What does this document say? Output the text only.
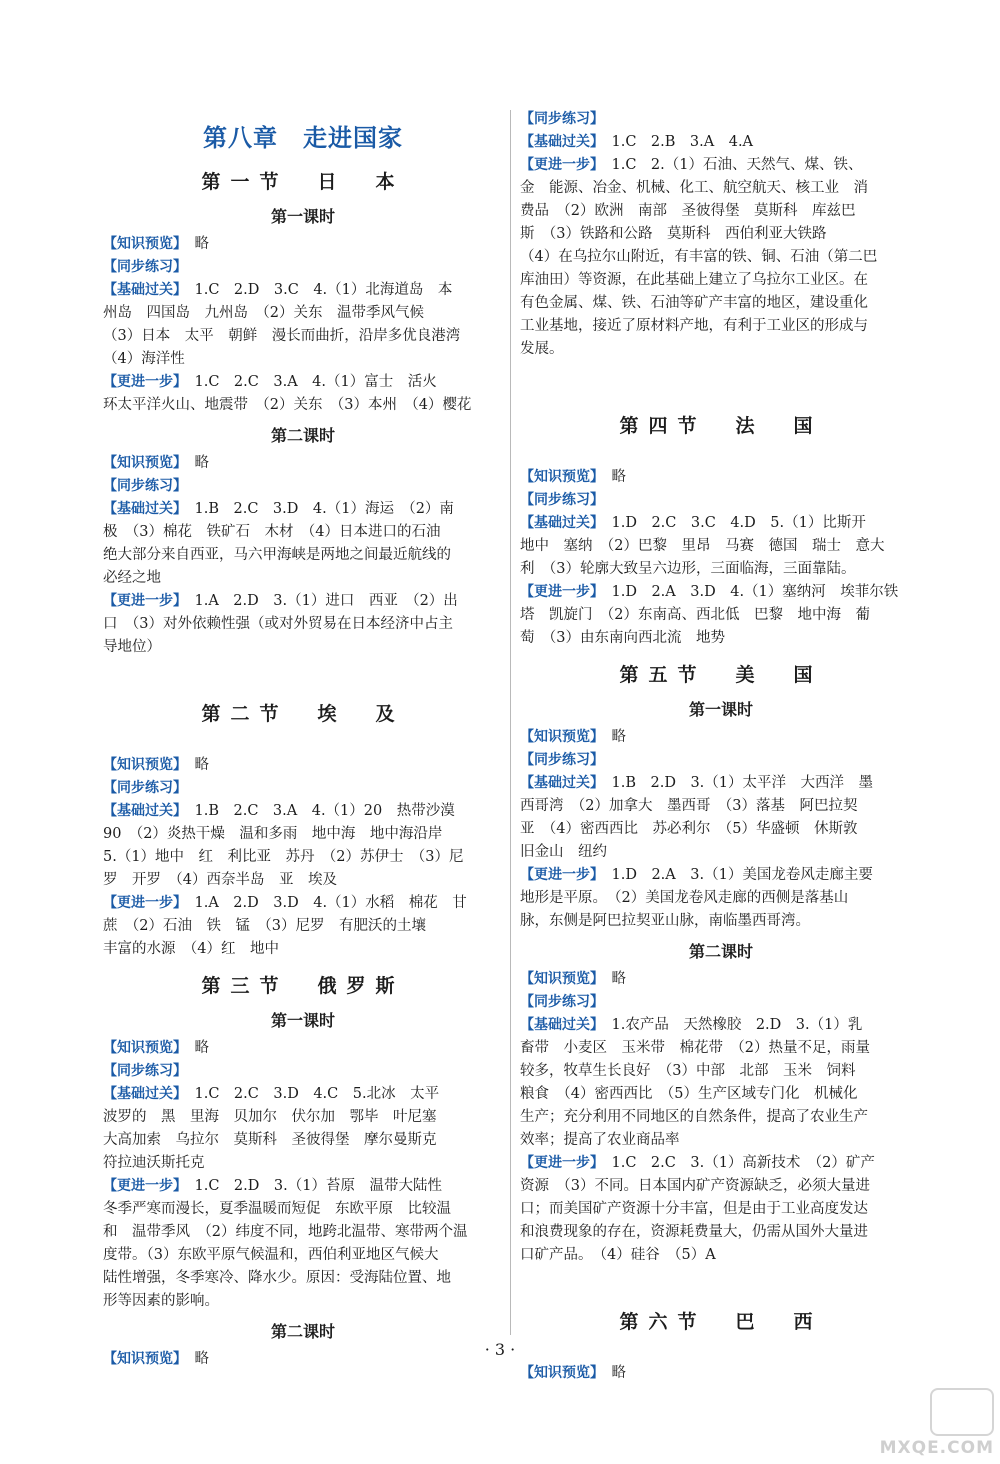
第八章　走进国家
第一节　日　本
第一课时

【知识预览】　略

【同步练习】

【基础过关】　1.C　2.D　3.C　4.（1）北海道岛　本

州岛　四国岛　九州岛　（2）关东　温带季风气候

（3）日本　太平　朝鲜　漫长而曲折，沿岸多优良港湾

（4）海洋性

【更进一步】　1.C　2.C　3.A　4.（1）富士　活火

环太平洋火山、地震带　（2）关东　（3）本州　（4）樱花

第二课时

【知识预览】　略

【同步练习】

【基础过关】　1.B　2.C　3.D　4.（1）海运　（2）南

极　（3）棉花　铁矿石　木材　（4）日本进口的石油

绝大部分来自西亚，马六甲海峡是两地之间最近航线的

必经之地

【更进一步】　1.A　2.D　3.（1）进口　西亚　（2）出

口　（3）对外依赖性强（或对外贸易在日本经济中占主

导地位）

第二节　埃　及

【知识预览】　略

【同步练习】

【基础过关】　1.B　2.C　3.A　4.（1）20　热带沙漠

90　（2）炎热干燥　温和多雨　地中海　地中海沿岸

5.（1）地中　红　利比亚　苏丹　（2）苏伊士　（3）尼

罗　开罗　（4）西奈半岛　亚　埃及

【更进一步】　1.A　2.D　3.D　4.（1）水稻　棉花　甘

蔗　（2）石油　铁　锰　（3）尼罗　有肥沃的土壤

丰富的水源　（4）红　地中

第三节　俄罗斯
第一课时

【知识预览】　略

【同步练习】

【基础过关】　1.C　2.C　3.D　4.C　5.北冰　太平

波罗的　黑　里海　贝加尔　伏尔加　鄂毕　叶尼塞

大高加索　乌拉尔　莫斯科　圣彼得堡　摩尔曼斯克

符拉迪沃斯托克

【更进一步】　1.C　2.D　3.（1）苔原　温带大陆性

冬季严寒而漫长，夏季温暖而短促　东欧平原　比较温

和　温带季风　（2）纬度不同，地跨北温带、寒带两个温

度带。（3）东欧平原气候温和，西伯利亚地区气候大

陆性增强，冬季寒冷、降水少。原因：受海陆位置、地

形等因素的影响。

第二课时

【知识预览】　略

【同步练习】

【基础过关】　1.C　2.B　3.A　4.A

【更进一步】　1.C　2.（1）石油、天然气、煤、铁、

金　能源、冶金、机械、化工、航空航天、核工业　消

费品　（2）欧洲　南部　圣彼得堡　莫斯科　库兹巴

斯　（3）铁路和公路　莫斯科　西伯利亚大铁路

（4）在乌拉尔山附近，有丰富的铁、铜、石油（第二巴

库油田）等资源，在此基础上建立了乌拉尔工业区。在

有色金属、煤、铁、石油等矿产丰富的地区，建设重化

工业基地，接近了原材料产地，有利于工业区的形成与

发展。

第四节　法　国

【知识预览】　略

【同步练习】

【基础过关】　1.D　2.C　3.C　4.D　5.（1）比斯开

地中　塞纳　（2）巴黎　里昂　马赛　德国　瑞士　意大

利　（3）轮廓大致呈六边形，三面临海，三面靠陆。

【更进一步】　1.D　2.A　3.D　4.（1）塞纳河　埃菲尔铁

塔　凯旋门　（2）东南高、西北低　巴黎　地中海　葡

萄　（3）由东南向西北流　地势

第五节　美　国
第一课时

【知识预览】　略

【同步练习】

【基础过关】　1.B　2.D　3.（1）太平洋　大西洋　墨

西哥湾　（2）加拿大　墨西哥　（3）落基　阿巴拉契

亚　（4）密西西比　苏必利尔　（5）华盛顿　休斯敦

旧金山　纽约

【更进一步】　1.D　2.A　3.（1）美国龙卷风走廊主要

地形是平原。　（2）美国龙卷风走廊的西侧是落基山

脉，东侧是阿巴拉契亚山脉，南临墨西哥湾。

第二课时

【知识预览】　略

【同步练习】

【基础过关】　1.农产品　天然橡胶　2.D　3.（1）乳

畜带　小麦区　玉米带　棉花带　（2）热量不足，雨量

较多，牧草生长良好　（3）中部　北部　玉米　饲料

粮食　（4）密西西比　（5）生产区域专门化　机械化

生产；充分利用不同地区的自然条件，提高了农业生产

效率；提高了农业商品率

【更进一步】　1.C　2.C　3.（1）高新技术　（2）矿产

资源　（3）不同。日本国内矿产资源缺乏，必须大量进

口；而美国矿产资源十分丰富，但是由于工业高度发达

和浪费现象的存在，资源耗费量大，仍需从国外大量进

口矿产品。　（4）硅谷　（5）A

第六节　巴　西

【知识预览】　略

· 3 ·
MXQE.COM
